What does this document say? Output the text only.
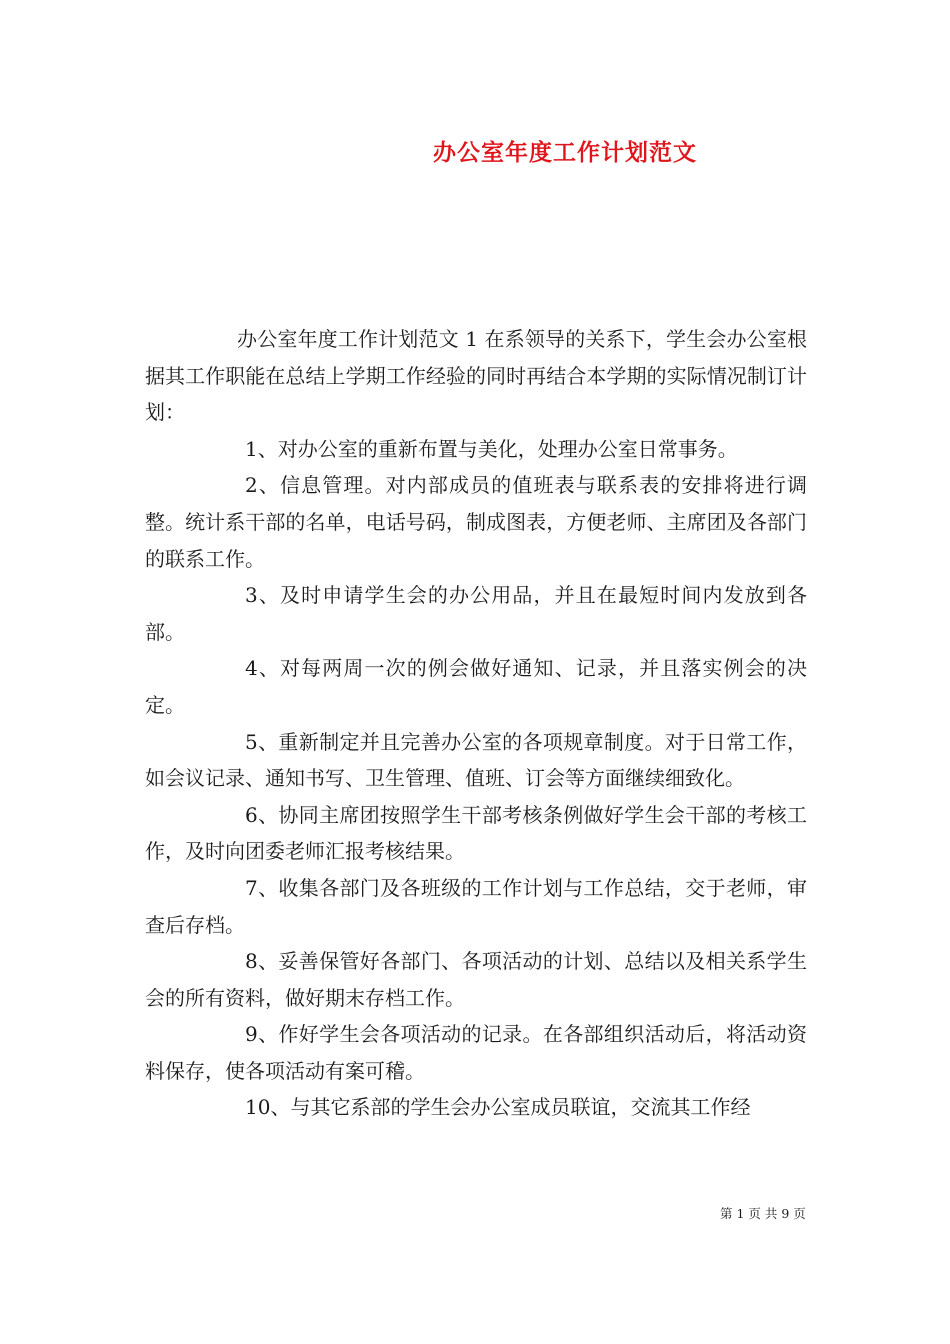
办公室年度工作计划范文

办公室年度工作计划范文 1 在系领导的关系下，学生会办公室根据其工作职能在总结上学期工作经验的同时再结合本学期的实际情况制订计划：

1、对办公室的重新布置与美化，处理办公室日常事务。

2、信息管理。对内部成员的值班表与联系表的安排将进行调整。统计系干部的名单，电话号码，制成图表，方便老师、主席团及各部门的联系工作。

3、及时申请学生会的办公用品，并且在最短时间内发放到各部。

4、对每两周一次的例会做好通知、记录，并且落实例会的决定。

5、重新制定并且完善办公室的各项规章制度。对于日常工作，如会议记录、通知书写、卫生管理、值班、订会等方面继续细致化。

6、协同主席团按照学生干部考核条例做好学生会干部的考核工作，及时向团委老师汇报考核结果。

7、收集各部门及各班级的工作计划与工作总结，交于老师，审查后存档。

8、妥善保管好各部门、各项活动的计划、总结以及相关系学生会的所有资料，做好期末存档工作。

9、作好学生会各项活动的记录。在各部组织活动后，将活动资料保存，使各项活动有案可稽。

10、与其它系部的学生会办公室成员联谊，交流其工作经

第 1 页 共 9 页
